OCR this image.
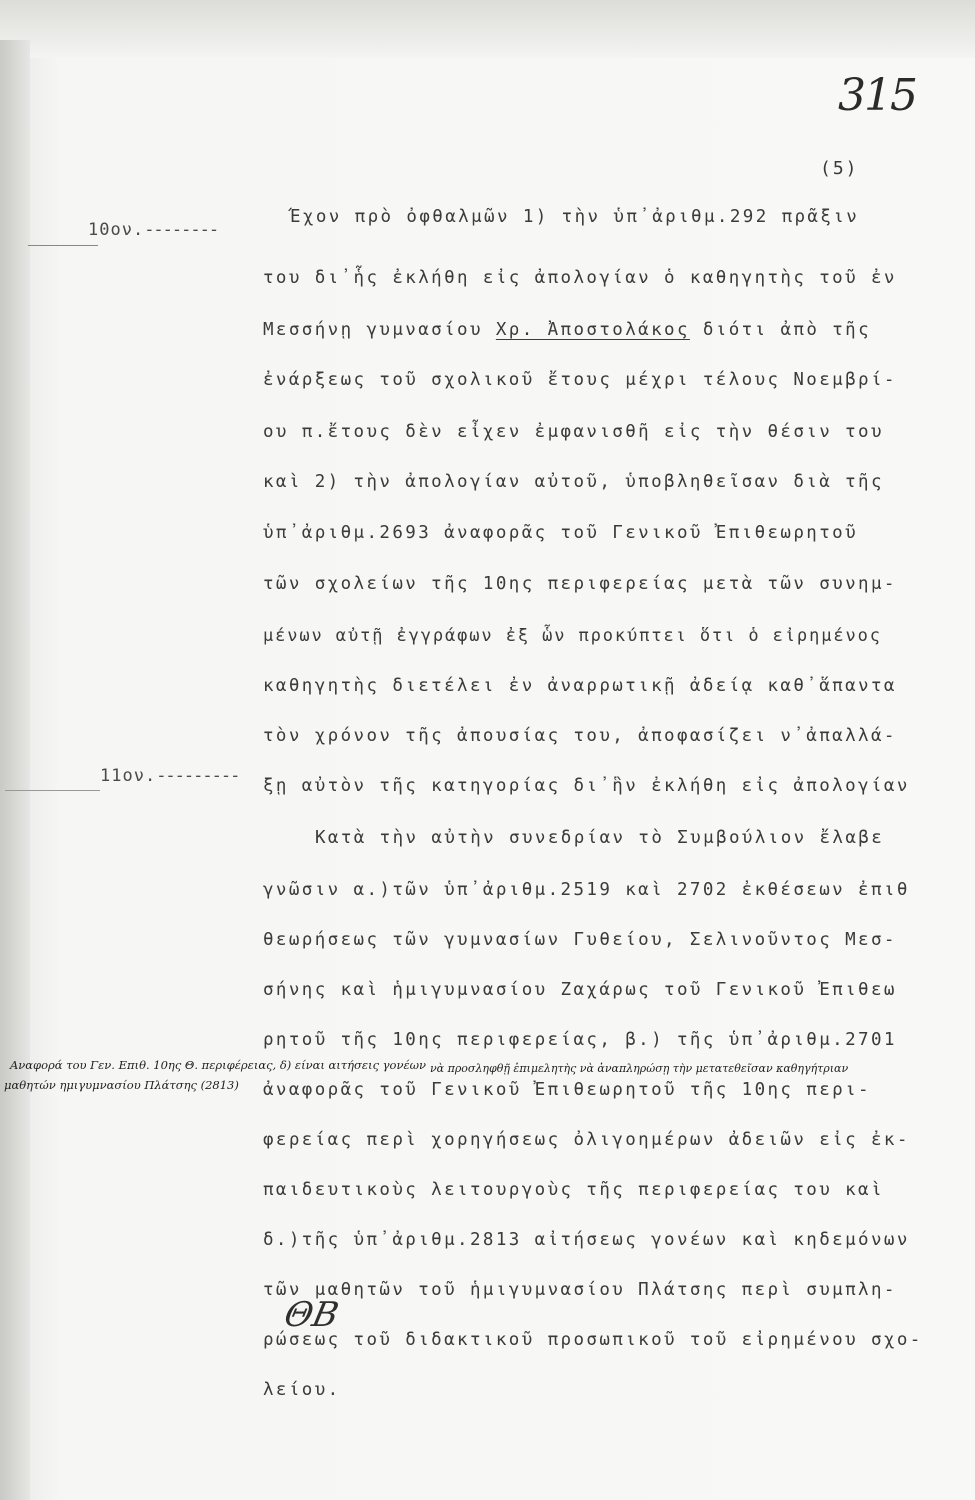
315
(5)
10ον.--------
11ον.---------
Έχον πρὸ ὀφθαλμῶν 1) τὴν ὑπ᾽ἀριθμ.292 πρᾶξιν
του δι᾽ἧς ἐκλήθη εἰς ἀπολογίαν ὁ καθηγητὴς τοῦ ἐν
Μεσσήνῃ γυμνασίου Χρ. Ἀποστολάκος διότι ἀπὸ τῆς
ἐνάρξεως τοῦ σχολικοῦ ἔτους μέχρι τέλους Νοεμβρί-
ου π.ἔτους δὲν εἶχεν ἐμφανισθῆ εἰς τὴν θέσιν του
καὶ 2) τὴν ἀπολογίαν αὐτοῦ, ὑποβληθεῖσαν διὰ τῆς
ὑπ᾽ἀριθμ.2693 ἀναφορᾶς τοῦ Γενικοῦ Ἐπιθεωρητοῦ
τῶν σχολείων τῆς 10ης περιφερείας μετὰ τῶν συνημ-
μένων αὐτῇ ἐγγράφων ἐξ ὧν προκύπτει ὅτι ὁ εἰρημένος
καθηγητὴς διετέλει ἐν ἀναρρωτικῇ ἀδείᾳ καθ᾽ἅπαντα
τὸν χρόνον τῆς ἀπουσίας του, ἀποφασίζει ν᾽ἀπαλλά-
ξῃ αὐτὸν τῆς κατηγορίας δι᾽ἣν ἐκλήθη εἰς ἀπολογίαν
Κατὰ τὴν αὐτὴν συνεδρίαν τὸ Συμβούλιον ἔλαβε
γνῶσιν α.)τῶν ὑπ᾽ἀριθμ.2519 καὶ 2702 ἐκθέσεων ἐπιθ
θεωρήσεως τῶν γυμνασίων Γυθείου, Σελινοῦντος Μεσ-
σήνης καὶ ἡμιγυμνασίου Ζαχάρως τοῦ Γενικοῦ Ἐπιθεω
ρητοῦ τῆς 10ης περιφερείας, β.) τῆς ὑπ᾽ἀριθμ.2701
ἀναφορᾶς τοῦ Γενικοῦ Ἐπιθεωρητοῦ τῆς 10ης περι-
φερείας περὶ χορηγήσεως ὀλιγοημέρων ἀδειῶν εἰς ἐκ-
παιδευτικοὺς λειτουργοὺς τῆς περιφερείας του καὶ
δ.)τῆς ὑπ᾽ἀριθμ.2813 αἰτήσεως γονέων καὶ κηδεμόνων
τῶν μαθητῶν τοῦ ἡμιγυμνασίου Πλάτσης περὶ συμπλη-
ρώσεως τοῦ διδακτικοῦ προσωπικοῦ τοῦ εἰρημένου σχο-
λείου.
Αναφορά του Γεν. Επιθ. 10ης Θ. περιφέρειας, δ) είναι αιτήσεις γονέων
μαθητών ημιγυμνασίου Πλάτσης (2813)
νὰ προσληφθῇ ἐπιμελητὴς νὰ ἀναπληρώσῃ τὴν μετατεθεῖσαν καθηγήτριαν
ΘΒ
